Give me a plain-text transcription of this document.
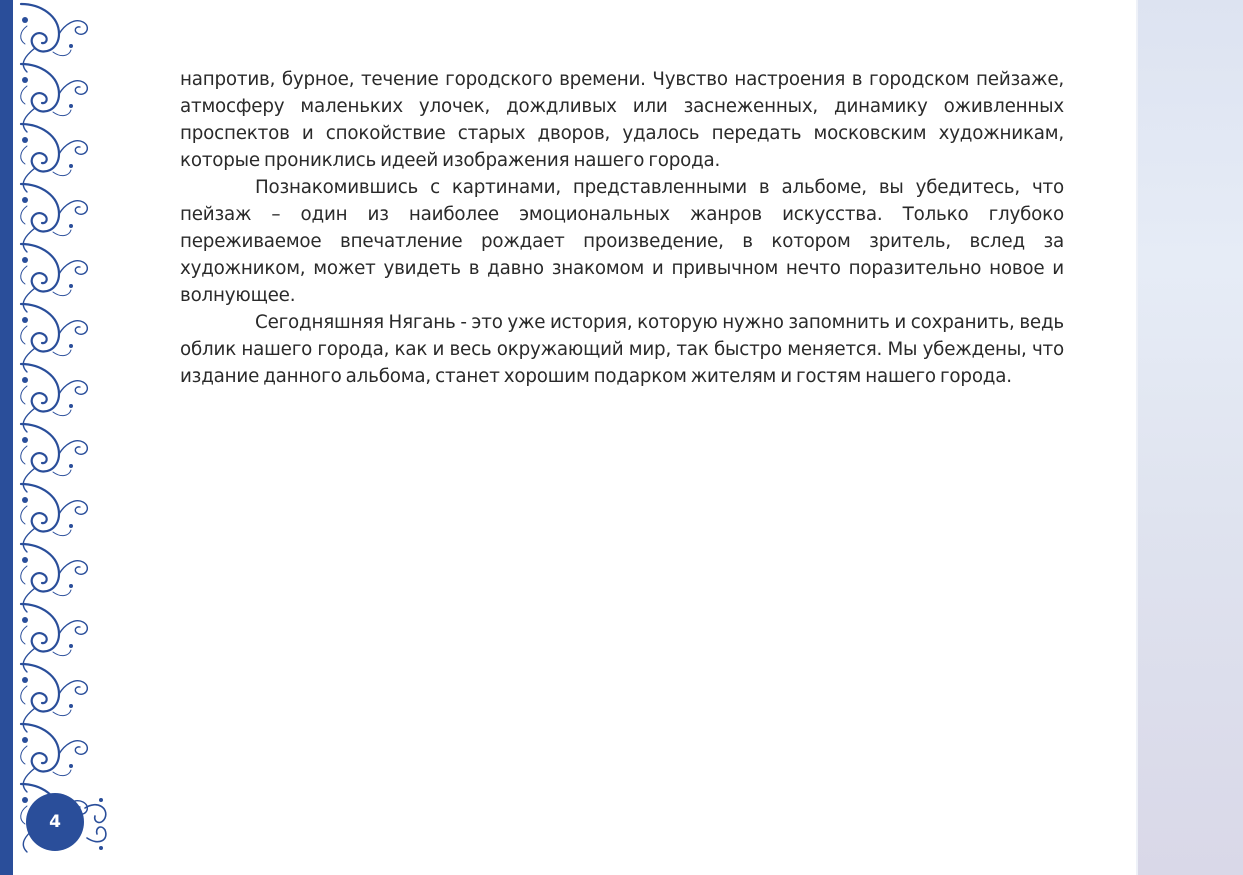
напротив, бурное, течение городского времени. Чувство настроения в городском пейзаже, атмосферу маленьких улочек, дождливых или заснеженных, динамику оживленных проспектов и спокойствие старых дворов, удалось передать московским художникам, которые прониклись идеей изображения нашего города.

Познакомившись с картинами, представленными в альбоме, вы убедитесь, что пейзаж – один из наиболее эмоциональных жанров искусства. Только глубоко переживаемое впечатление рождает произведение, в котором зритель, вслед за художником, может увидеть в давно знакомом и привычном нечто поразительно новое и волнующее.

Сегодняшняя Нягань - это уже история, которую нужно запомнить и сохранить, ведь облик нашего города, как и весь окружающий мир, так быстро меняется. Мы убеждены, что издание данного альбома, станет хорошим подарком жителям и гостям нашего города.

4
